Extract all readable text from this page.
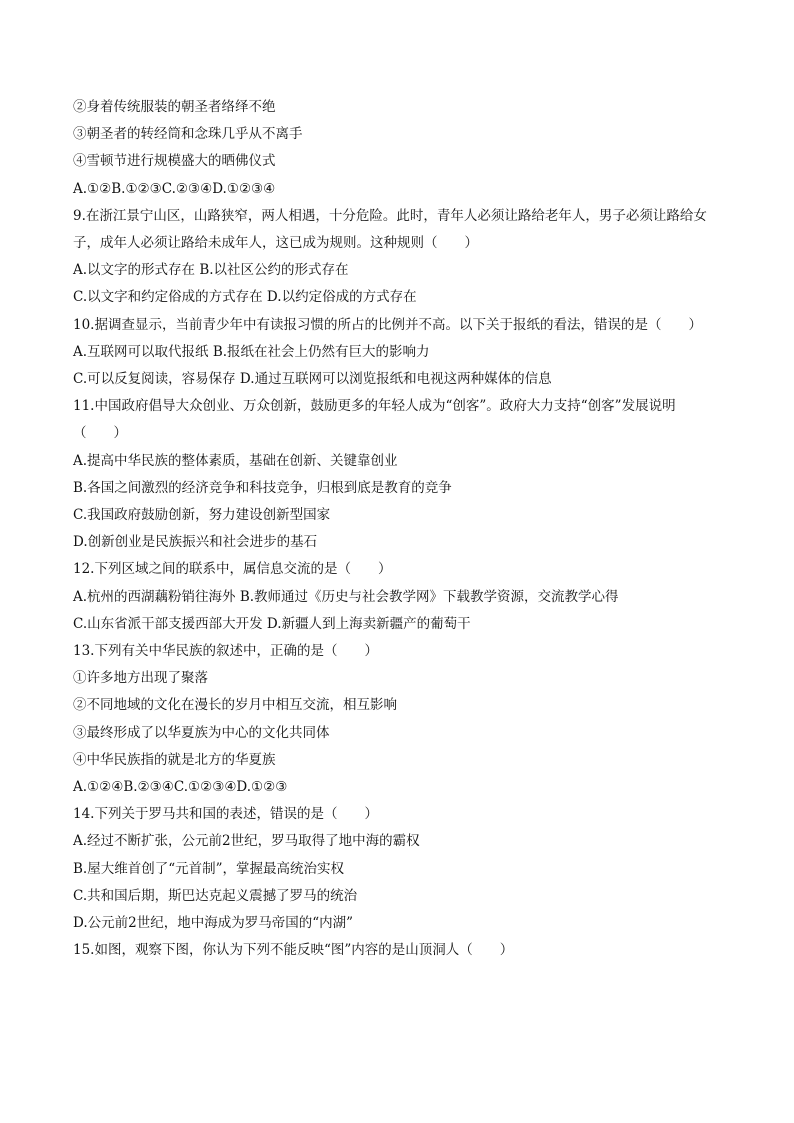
②身着传统服装的朝圣者络绎不绝
③朝圣者的转经筒和念珠几乎从不离手
④雪顿节进行规模盛大的晒佛仪式
A.①②B.①②③C.②③④D.①②③④
9.在浙江景宁山区，山路狭窄，两人相遇，十分危险。此时，青年人必须让路给老年人，男子必须让路给女
子，成年人必须让路给未成年人，这已成为规则。这种规则（　　）
A.以文字的形式存在 B.以社区公约的形式存在
C.以文字和约定俗成的方式存在 D.以约定俗成的方式存在
10.据调查显示，当前青少年中有读报习惯的所占的比例并不高。以下关于报纸的看法，错误的是（　　）
A.互联网可以取代报纸 B.报纸在社会上仍然有巨大的影响力
C.可以反复阅读，容易保存 D.通过互联网可以浏览报纸和电视这两种媒体的信息
11.中国政府倡导大众创业、万众创新，鼓励更多的年轻人成为“创客”。政府大力支持“创客”发展说明
（　　）
A.提高中华民族的整体素质，基础在创新、关键靠创业
B.各国之间激烈的经济竞争和科技竞争，归根到底是教育的竞争
C.我国政府鼓励创新，努力建设创新型国家
D.创新创业是民族振兴和社会进步的基石
12.下列区域之间的联系中，属信息交流的是（　　）
A.杭州的西湖藕粉销往海外 B.教师通过《历史与社会教学网》下载教学资源，交流教学心得
C.山东省派干部支援西部大开发 D.新疆人到上海卖新疆产的葡萄干
13.下列有关中华民族的叙述中，正确的是（　　）
①许多地方出现了聚落
②不同地域的文化在漫长的岁月中相互交流，相互影响
③最终形成了以华夏族为中心的文化共同体
④中华民族指的就是北方的华夏族
A.①②④B.②③④C.①②③④D.①②③
14.下列关于罗马共和国的表述，错误的是（　　）
A.经过不断扩张，公元前2世纪，罗马取得了地中海的霸权
B.屋大维首创了“元首制”，掌握最高统治实权
C.共和国后期，斯巴达克起义震撼了罗马的统治
D.公元前2世纪，地中海成为罗马帝国的“内湖”
15.如图，观察下图，你认为下列不能反映“图”内容的是山顶洞人（　　）
